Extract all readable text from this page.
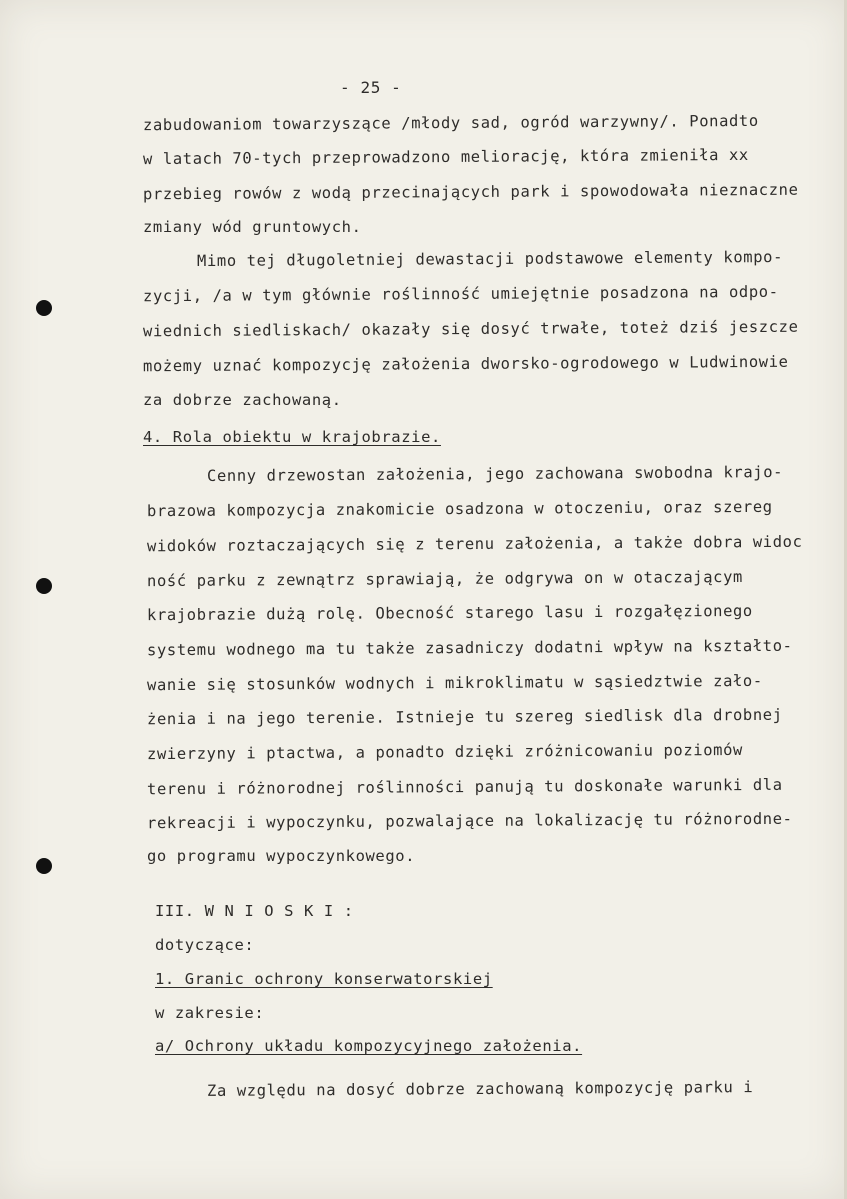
- 25 -
zabudowaniom towarzyszące /młody sad, ogród warzywny/. Ponadto
w latach 70-tych przeprowadzono meliorację, która zmieniła xx
przebieg rowów z wodą przecinających park i spowodowała nieznaczne
zmiany wód gruntowych.
Mimo tej długoletniej dewastacji podstawowe elementy kompo-
zycji, /a w tym głównie roślinność umiejętnie posadzona na odpo-
wiednich siedliskach/ okazały się dosyć trwałe, toteż dziś jeszcze
możemy uznać kompozycję założenia dworsko-ogrodowego w Ludwinowie
za dobrze zachowaną.
4. Rola obiektu w krajobrazie.
Cenny drzewostan założenia, jego zachowana swobodna krajo-
brazowa kompozycja znakomicie osadzona w otoczeniu, oraz szereg
widoków roztaczających się z terenu założenia, a także dobra widoc
ność parku z zewnątrz sprawiają, że odgrywa on w otaczającym
krajobrazie dużą rolę. Obecność starego lasu i rozgałęzionego
systemu wodnego ma tu także zasadniczy dodatni wpływ na kształto-
wanie się stosunków wodnych i mikroklimatu w sąsiedztwie zało-
żenia i na jego terenie. Istnieje tu szereg siedlisk dla drobnej
zwierzyny i ptactwa, a ponadto dzięki zróżnicowaniu poziomów
terenu i różnorodnej roślinności panują tu doskonałe warunki dla
rekreacji i wypoczynku, pozwalające na lokalizację tu różnorodne-
go programu wypoczynkowego.
III. W N I O S K I :
dotyczące:
1. Granic ochrony konserwatorskiej
w zakresie:
a/ Ochrony układu kompozycyjnego założenia.
Za względu na dosyć dobrze zachowaną kompozycję parku i
